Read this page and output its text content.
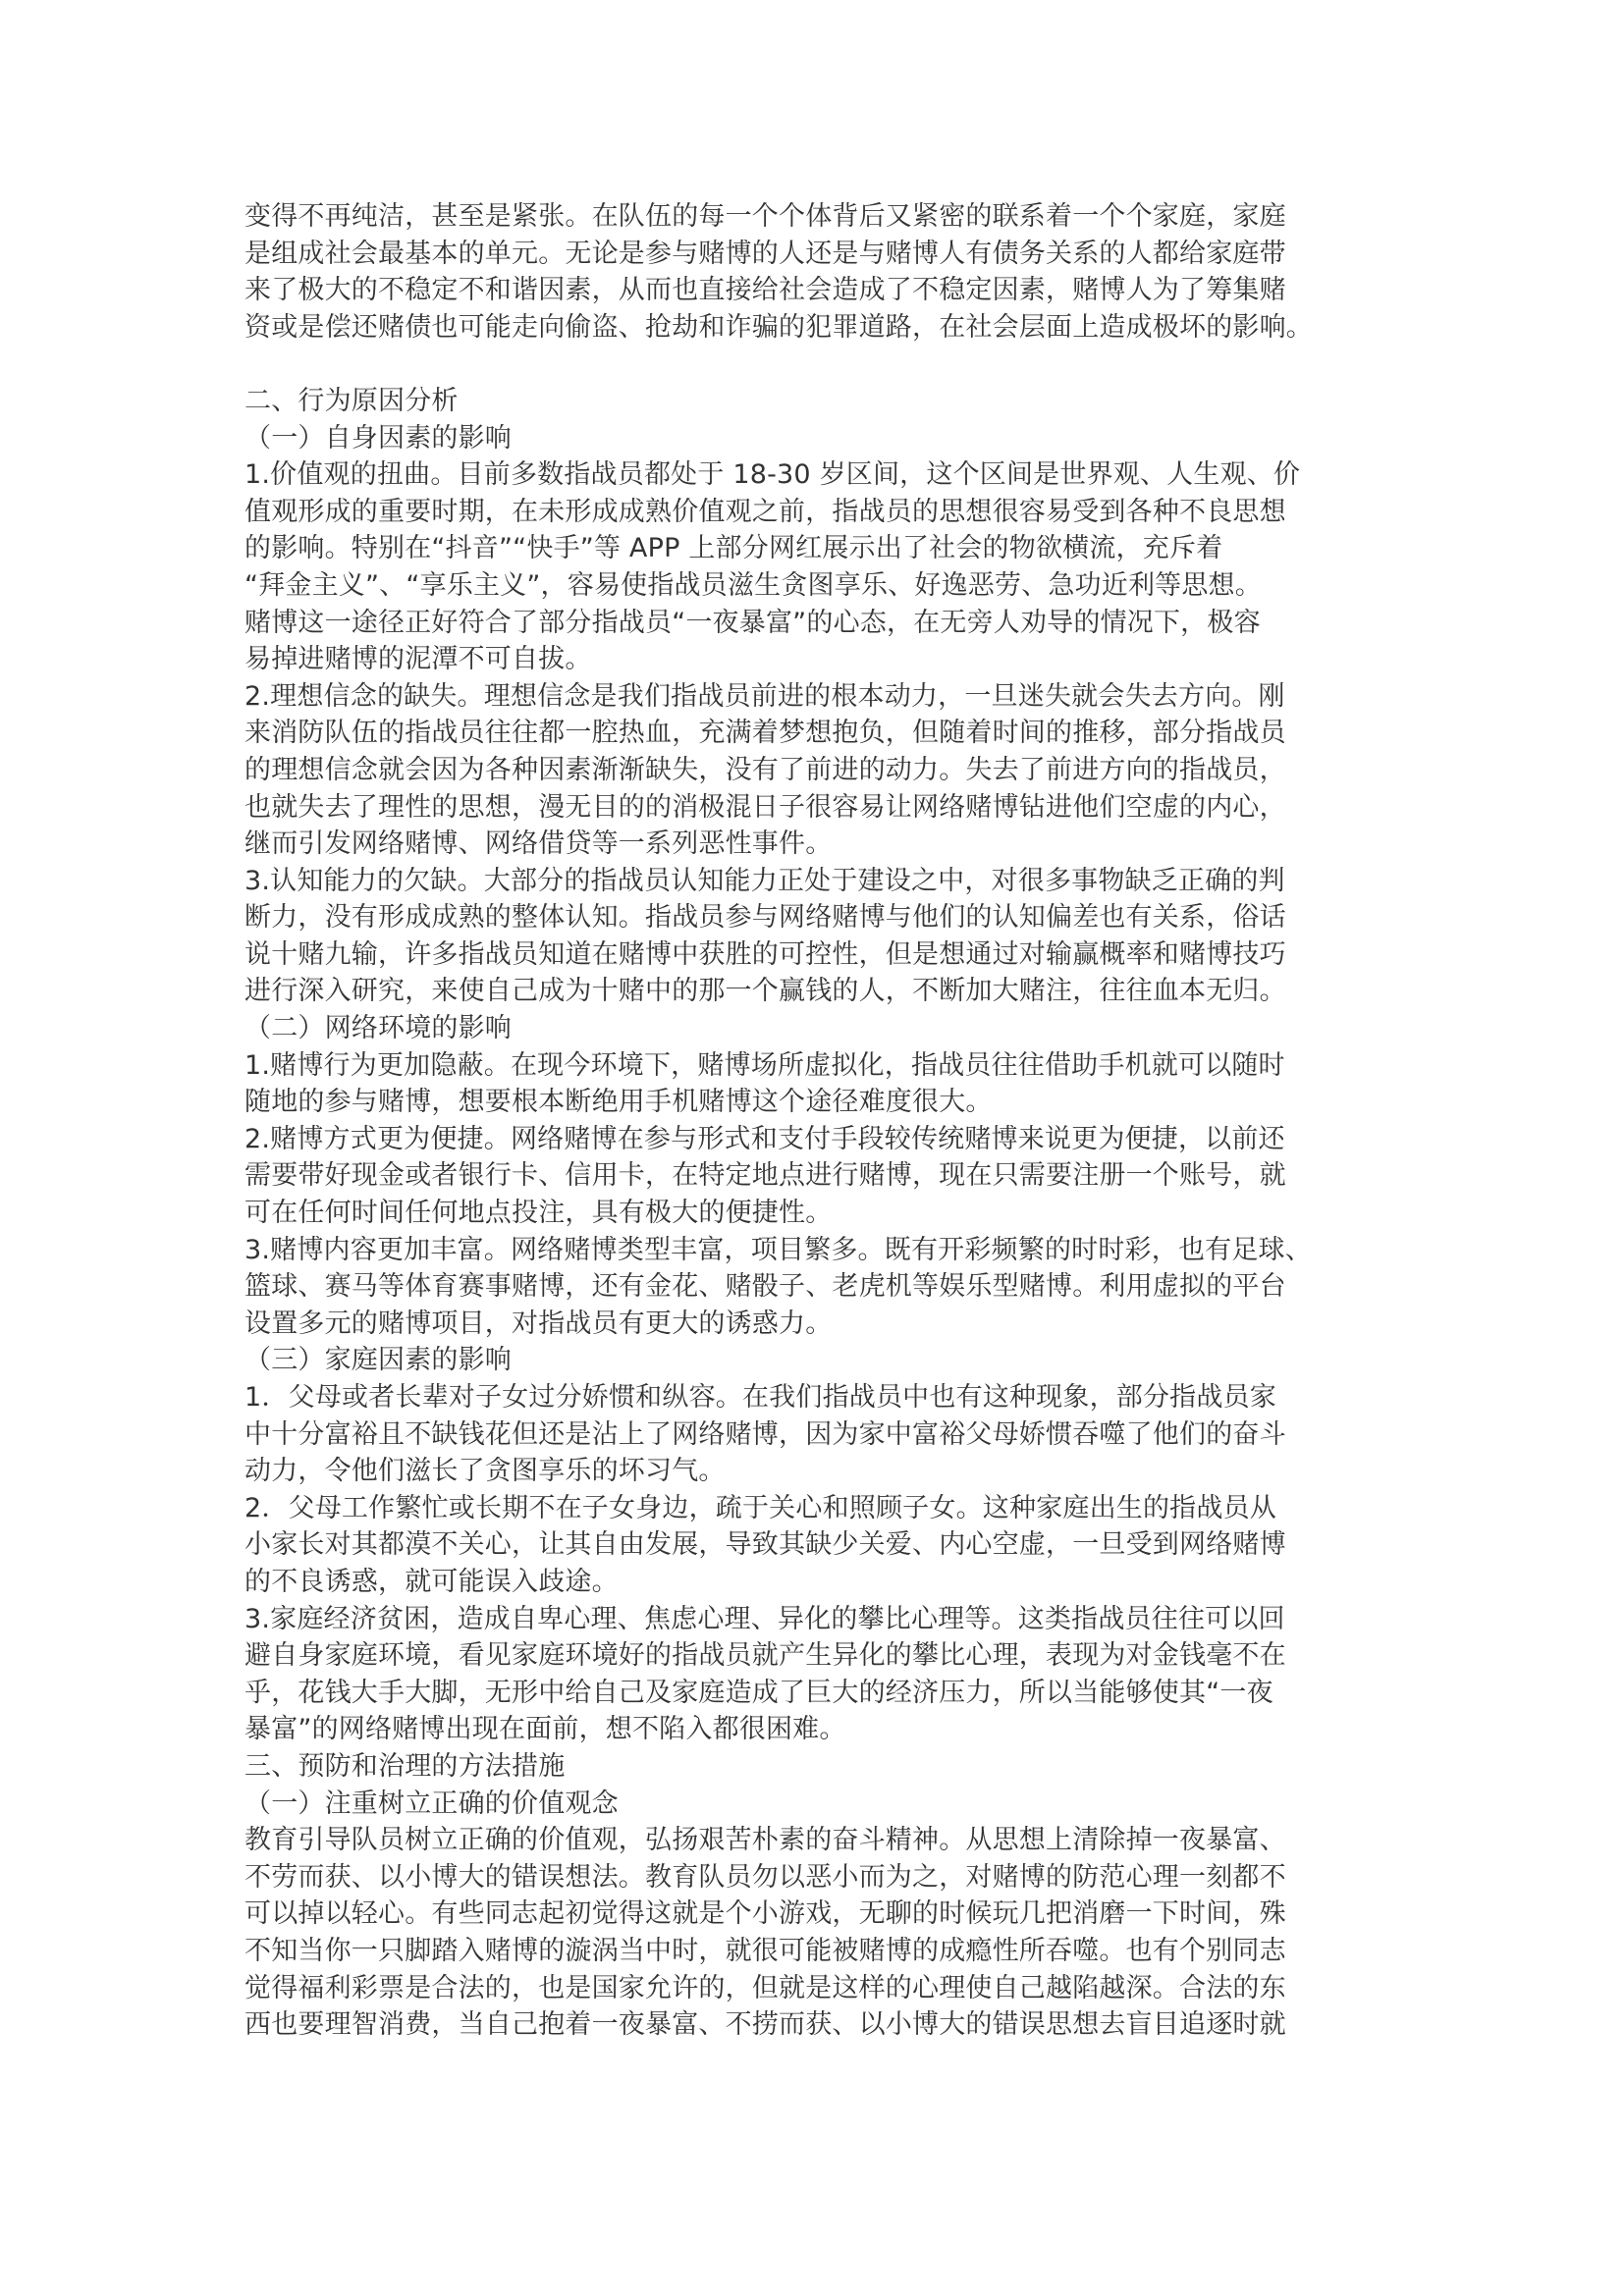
变得不再纯洁，甚至是紧张。在队伍的每一个个体背后又紧密的联系着一个个家庭，家庭
是组成社会最基本的单元。无论是参与赌博的人还是与赌博人有债务关系的人都给家庭带
来了极大的不稳定不和谐因素，从而也直接给社会造成了不稳定因素，赌博人为了筹集赌
资或是偿还赌债也可能走向偷盗、抢劫和诈骗的犯罪道路，在社会层面上造成极坏的影响。
二、行为原因分析
（一）自身因素的影响
1.价值观的扭曲。目前多数指战员都处于 18-30 岁区间，这个区间是世界观、人生观、价
值观形成的重要时期，在未形成成熟价值观之前，指战员的思想很容易受到各种不良思想
的影响。特别在“抖音”“快手”等 APP 上部分网红展示出了社会的物欲横流，充斥着
“拜金主义”、“享乐主义”，容易使指战员滋生贪图享乐、好逸恶劳、急功近利等思想。
赌博这一途径正好符合了部分指战员“一夜暴富”的心态，在无旁人劝导的情况下，极容
易掉进赌博的泥潭不可自拔。
2.理想信念的缺失。理想信念是我们指战员前进的根本动力，一旦迷失就会失去方向。刚
来消防队伍的指战员往往都一腔热血，充满着梦想抱负，但随着时间的推移，部分指战员
的理想信念就会因为各种因素渐渐缺失，没有了前进的动力。失去了前进方向的指战员，
也就失去了理性的思想，漫无目的的消极混日子很容易让网络赌博钻进他们空虚的内心，
继而引发网络赌博、网络借贷等一系列恶性事件。
3.认知能力的欠缺。大部分的指战员认知能力正处于建设之中，对很多事物缺乏正确的判
断力，没有形成成熟的整体认知。指战员参与网络赌博与他们的认知偏差也有关系，俗话
说十赌九输，许多指战员知道在赌博中获胜的可控性，但是想通过对输赢概率和赌博技巧
进行深入研究，来使自己成为十赌中的那一个赢钱的人，不断加大赌注，往往血本无归。
（二）网络环境的影响
1.赌博行为更加隐蔽。在现今环境下，赌博场所虚拟化，指战员往往借助手机就可以随时
随地的参与赌博，想要根本断绝用手机赌博这个途径难度很大。
2.赌博方式更为便捷。网络赌博在参与形式和支付手段较传统赌博来说更为便捷，以前还
需要带好现金或者银行卡、信用卡，在特定地点进行赌博，现在只需要注册一个账号，就
可在任何时间任何地点投注，具有极大的便捷性。
3.赌博内容更加丰富。网络赌博类型丰富，项目繁多。既有开彩频繁的时时彩，也有足球、
篮球、赛马等体育赛事赌博，还有金花、赌骰子、老虎机等娱乐型赌博。利用虚拟的平台
设置多元的赌博项目，对指战员有更大的诱惑力。
（三）家庭因素的影响
1．父母或者长辈对子女过分娇惯和纵容。在我们指战员中也有这种现象，部分指战员家
中十分富裕且不缺钱花但还是沾上了网络赌博，因为家中富裕父母娇惯吞噬了他们的奋斗
动力，令他们滋长了贪图享乐的坏习气。
2．父母工作繁忙或长期不在子女身边，疏于关心和照顾子女。这种家庭出生的指战员从
小家长对其都漠不关心，让其自由发展，导致其缺少关爱、内心空虚，一旦受到网络赌博
的不良诱惑，就可能误入歧途。
3.家庭经济贫困，造成自卑心理、焦虑心理、异化的攀比心理等。这类指战员往往可以回
避自身家庭环境，看见家庭环境好的指战员就产生异化的攀比心理，表现为对金钱毫不在
乎，花钱大手大脚，无形中给自己及家庭造成了巨大的经济压力，所以当能够使其“一夜
暴富”的网络赌博出现在面前，想不陷入都很困难。
三、预防和治理的方法措施
（一）注重树立正确的价值观念
教育引导队员树立正确的价值观，弘扬艰苦朴素的奋斗精神。从思想上清除掉一夜暴富、
不劳而获、以小博大的错误想法。教育队员勿以恶小而为之，对赌博的防范心理一刻都不
可以掉以轻心。有些同志起初觉得这就是个小游戏，无聊的时候玩几把消磨一下时间，殊
不知当你一只脚踏入赌博的漩涡当中时，就很可能被赌博的成瘾性所吞噬。也有个别同志
觉得福利彩票是合法的，也是国家允许的，但就是这样的心理使自己越陷越深。合法的东
西也要理智消费，当自己抱着一夜暴富、不捞而获、以小博大的错误思想去盲目追逐时就
